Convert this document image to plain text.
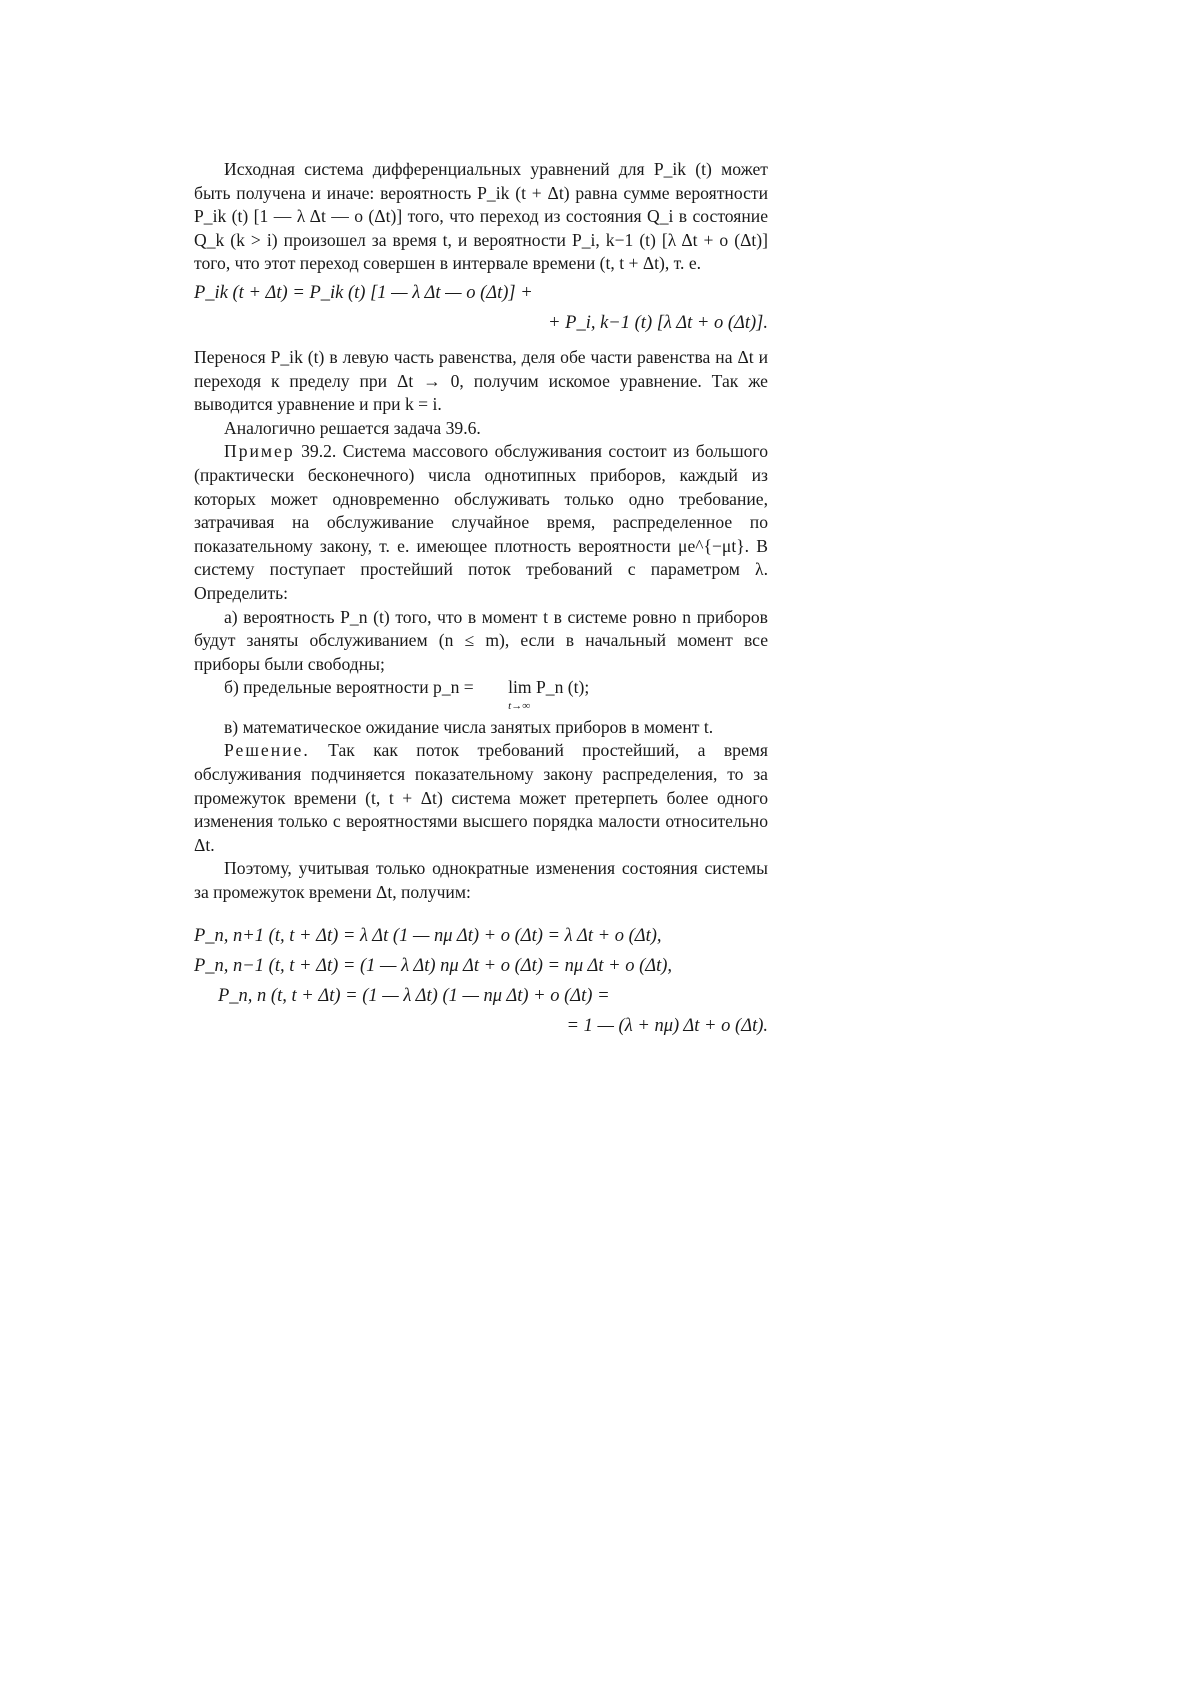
Исходная система дифференциальных уравнений для P_ik (t) может быть получена и иначе: вероятность P_ik (t + Δt) равна сумме вероятности P_ik (t) [1 — λ Δt — o (Δt)] того, что переход из состояния Q_i в состояние Q_k (k > i) произошел за время t, и вероятности P_i, k−1 (t) [λ Δt + o (Δt)] того, что этот переход совершен в интервале времени (t, t + Δt), т. е.

P_ik (t + Δt) = P_ik (t) [1 — λ Δt — o (Δt)] +

+ P_i, k−1 (t) [λ Δt + o (Δt)].

Перенося P_ik (t) в левую часть равенства, деля обе части равенства на Δt и переходя к пределу при Δt → 0, получим искомое уравнение. Так же выводится уравнение и при k = i.

Аналогично решается задача 39.6.

Пример 39.2. Система массового обслуживания состоит из большого (практически бесконечного) числа однотипных приборов, каждый из которых может одновременно обслуживать только одно требование, затрачивая на обслуживание случайное время, распределенное по показательному закону, т. е. имеющее плотность вероятности μe^{−μt}. В систему поступает простейший поток требований с параметром λ. Определить:

а) вероятность P_n (t) того, что в момент t в системе ровно n приборов будут заняты обслуживанием (n ≤ m), если в начальный момент все приборы были свободны;

б) предельные вероятности p_n = lim P_n (t);
t→∞

в) математическое ожидание числа занятых приборов в момент t.

Решение. Так как поток требований простейший, а время обслуживания подчиняется показательному закону распределения, то за промежуток времени (t, t + Δt) система может претерпеть более одного изменения только с вероятностями высшего порядка малости относительно Δt.

Поэтому, учитывая только однократные изменения состояния системы за промежуток времени Δt, получим:

P_n, n+1 (t, t + Δt) = λ Δt (1 — nμ Δt) + o (Δt) = λ Δt + o (Δt),

P_n, n−1 (t, t + Δt) = (1 — λ Δt) nμ Δt + o (Δt) = nμ Δt + o (Δt),

P_n, n (t, t + Δt) = (1 — λ Δt) (1 — nμ Δt) + o (Δt) =

= 1 — (λ + nμ) Δt + o (Δt).
